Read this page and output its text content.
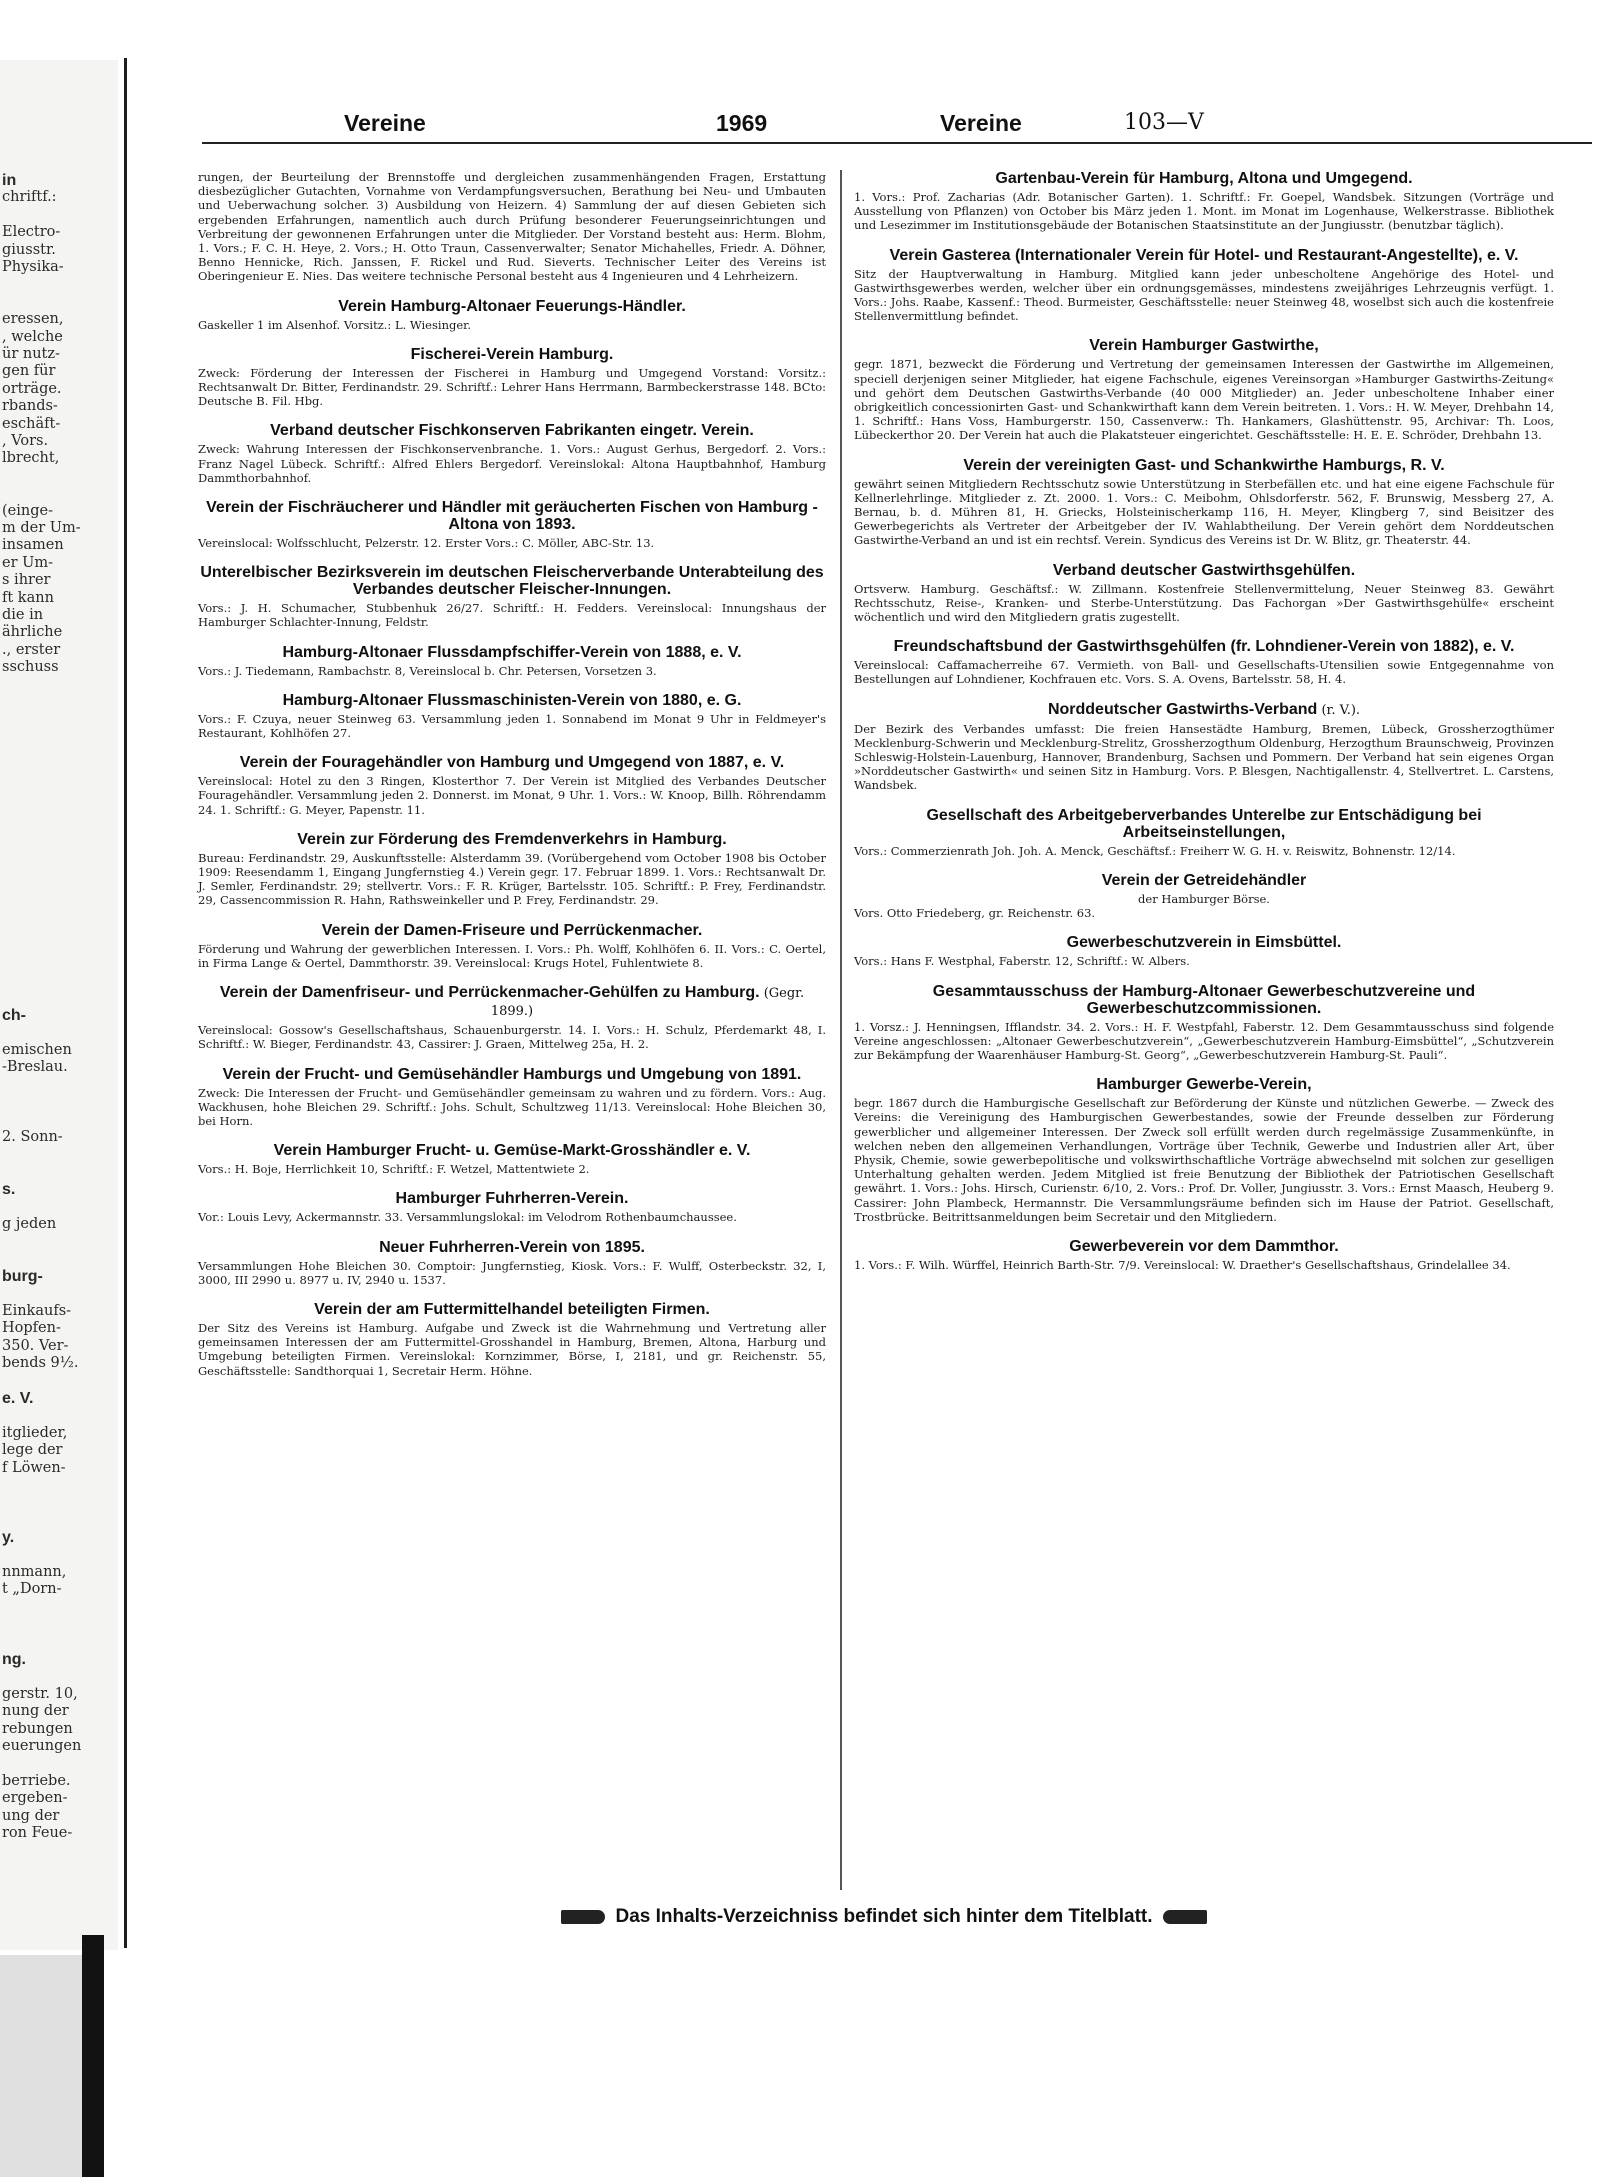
in
chriftf.:
Electro-
giusstr.
Physika-
eressen,
, welche
ür nutz-
gen für
orträge.
rbands-
eschäft-
, Vors.
lbrecht,
(einge-
m der Um-
insamen
er Um-
s ihrer
ft kann
die in
ährliche
., erster
sschuss
ch-
emischen
-Breslau.
2. Sonn-
s.
g jeden
burg-
Einkaufs-
Hopfen-
350. Ver-
bends 9½.
e. V.
itglieder,
lege der
f Löwen-
y.
nnmann,
t „Dorn-
ng.
gerstr. 10,
nung der
rebungen
euerungen
bетriebe.
ergeben-
ung der
ron Feue-
Vereine	1969	Vereine	103—V

rungen, der Beurteilung der Brennstoffe und dergleichen zusammenhängenden Fragen, Erstattung diesbezüglicher Gutachten, Vornahme von Verdampfungsversuchen, Berathung bei Neu- und Umbauten und Ueberwachung solcher. 3) Ausbildung von Heizern. 4) Sammlung der auf diesen Gebieten sich ergebenden Erfahrungen, namentlich auch durch Prüfung besonderer Feuerungseinrichtungen und Verbreitung der gewonnenen Erfahrungen unter die Mitglieder. Der Vorstand besteht aus: Herm. Blohm, 1. Vors.; F. C. H. Heye, 2. Vors.; H. Otto Traun, Cassenverwalter; Senator Michahelles, Friedr. A. Döhner, Benno Hennicke, Rich. Janssen, F. Rickel und Rud. Sieverts. Technischer Leiter des Vereins ist Oberingenieur E. Nies. Das weitere technische Personal besteht aus 4 Ingenieuren und 4 Lehrheizern.

Verein Hamburg-Altonaer Feuerungs-Händler.

Gaskeller 1 im Alsenhof. Vorsitz.: L. Wiesinger.

Fischerei-Verein Hamburg.

Zweck: Förderung der Interessen der Fischerei in Hamburg und Umgegend Vorstand: Vorsitz.: Rechtsanwalt Dr. Bitter, Ferdinandstr. 29. Schriftf.: Lehrer Hans Herrmann, Barmbeckerstrasse 148. BCto: Deutsche B. Fil. Hbg.

Verband deutscher Fischkonserven Fabrikanten eingetr. Verein.

Zweck: Wahrung Interessen der Fischkonservenbranche. 1. Vors.: August Gerhus, Bergedorf. 2. Vors.: Franz Nagel Lübeck. Schriftf.: Alfred Ehlers Bergedorf. Vereinslokal: Altona Hauptbahnhof, Hamburg Dammthorbahnhof.

Verein der Fischräucherer und Händler mit geräucherten Fischen von Hamburg - Altona von 1893.

Vereinslocal: Wolfsschlucht, Pelzerstr. 12. Erster Vors.: C. Möller, ABC-Str. 13.

Unterelbischer Bezirksverein im deutschen Fleischerverbande Unterabteilung des Verbandes deutscher Fleischer-Innungen.

Vors.: J. H. Schumacher, Stubbenhuk 26/27. Schriftf.: H. Fedders. Vereinslocal: Innungshaus der Hamburger Schlachter-Innung, Feldstr.

Hamburg-Altonaer Flussdampfschiffer-Verein von 1888, e. V.

Vors.: J. Tiedemann, Rambachstr. 8, Vereinslocal b. Chr. Petersen, Vorsetzen 3.

Hamburg-Altonaer Flussmaschinisten-Verein von 1880, e. G.

Vors.: F. Czuya, neuer Steinweg 63. Versammlung jeden 1. Sonnabend im Monat 9 Uhr in Feldmeyer's Restaurant, Kohlhöfen 27.

Verein der Fouragehändler von Hamburg und Umgegend von 1887, e. V.

Vereinslocal: Hotel zu den 3 Ringen, Klosterthor 7. Der Verein ist Mitglied des Verbandes Deutscher Fouragehändler. Versammlung jeden 2. Donnerst. im Monat, 9 Uhr. 1. Vors.: W. Knoop, Billh. Röhrendamm 24. 1. Schriftf.: G. Meyer, Papenstr. 11.

Verein zur Förderung des Fremdenverkehrs in Hamburg.

Bureau: Ferdinandstr. 29, Auskunftsstelle: Alsterdamm 39. (Vorübergehend vom October 1908 bis October 1909: Reesendamm 1, Eingang Jungfernstieg 4.) Verein gegr. 17. Februar 1899. 1. Vors.: Rechtsanwalt Dr. J. Semler, Ferdinandstr. 29; stellvertr. Vors.: F. R. Krüger, Bartelsstr. 105. Schriftf.: P. Frey, Ferdinandstr. 29, Cassencommission R. Hahn, Rathsweinkeller und P. Frey, Ferdinandstr. 29.

Verein der Damen-Friseure und Perrückenmacher.

Förderung und Wahrung der gewerblichen Interessen. I. Vors.: Ph. Wolff, Kohlhöfen 6. II. Vors.: C. Oertel, in Firma Lange & Oertel, Dammthorstr. 39. Vereinslocal: Krugs Hotel, Fuhlentwiete 8.

Verein der Damenfriseur- und Perrückenmacher-Gehülfen zu Hamburg. (Gegr. 1899.)

Vereinslocal: Gossow's Gesellschaftshaus, Schauenburgerstr. 14. I. Vors.: H. Schulz, Pferdemarkt 48, I. Schriftf.: W. Bieger, Ferdinandstr. 43, Cassirer: J. Graen, Mittelweg 25a, H. 2.

Verein der Frucht- und Gemüsehändler Hamburgs und Umgebung von 1891.

Zweck: Die Interessen der Frucht- und Gemüsehändler gemeinsam zu wahren und zu fördern. Vors.: Aug. Wackhusen, hohe Bleichen 29. Schriftf.: Johs. Schult, Schultzweg 11/13. Vereinslocal: Hohe Bleichen 30, bei Horn.

Verein Hamburger Frucht- u. Gemüse-Markt-Grosshändler e. V.

Vors.: H. Boje, Herrlichkeit 10, Schriftf.: F. Wetzel, Mattentwiete 2.

Hamburger Fuhrherren-Verein.

Vor.: Louis Levy, Ackermannstr. 33. Versammlungslokal: im Velodrom Rothenbaumchaussee.

Neuer Fuhrherren-Verein von 1895.

Versammlungen Hohe Bleichen 30. Comptoir: Jungfernstieg, Kiosk. Vors.: F. Wulff, Osterbeckstr. 32, I, 3000, III 2990 u. 8977 u. IV, 2940 u. 1537.

Verein der am Futtermittelhandel beteiligten Firmen.

Der Sitz des Vereins ist Hamburg. Aufgabe und Zweck ist die Wahrnehmung und Vertretung aller gemeinsamen Interessen der am Futtermittel-Grosshandel in Hamburg, Bremen, Altona, Harburg und Umgebung beteiligten Firmen. Vereinslokal: Kornzimmer, Börse, I, 2181, und gr. Reichenstr. 55, Geschäftsstelle: Sandthorquai 1, Secretair Herm. Höhne.

Gartenbau-Verein für Hamburg, Altona und Umgegend.

1. Vors.: Prof. Zacharias (Adr. Botanischer Garten). 1. Schriftf.: Fr. Goepel, Wandsbek. Sitzungen (Vorträge und Ausstellung von Pflanzen) von October bis März jeden 1. Mont. im Monat im Logenhause, Welkerstrasse. Bibliothek und Lesezimmer im Institutionsgebäude der Botanischen Staatsinstitute an der Jungiusstr. (benutzbar täglich).

Verein Gasterea (Internationaler Verein für Hotel- und Restaurant-Angestellte), e. V.

Sitz der Hauptverwaltung in Hamburg. Mitglied kann jeder unbescholtene Angehörige des Hotel- und Gastwirthsgewerbes werden, welcher über ein ordnungsgemässes, mindestens zweijähriges Lehrzeugnis verfügt. 1. Vors.: Johs. Raabe, Kassenf.: Theod. Burmeister, Geschäftsstelle: neuer Steinweg 48, woselbst sich auch die kostenfreie Stellenvermittlung befindet.

Verein Hamburger Gastwirthe,

gegr. 1871, bezweckt die Förderung und Vertretung der gemeinsamen Interessen der Gastwirthe im Allgemeinen, speciell derjenigen seiner Mitglieder, hat eigene Fachschule, eigenes Vereinsorgan »Hamburger Gastwirths-Zeitung« und gehört dem Deutschen Gastwirths-Verbande (40 000 Mitglieder) an. Jeder unbescholtene Inhaber einer obrigkeitlich concessionirten Gast- und Schankwirthaft kann dem Verein beitreten. 1. Vors.: H. W. Meyer, Drehbahn 14, 1. Schriftf.: Hans Voss, Hamburgerstr. 150, Cassenverw.: Th. Hankamers, Glashüttenstr. 95, Archivar: Th. Loos, Lübeckerthor 20. Der Verein hat auch die Plakatsteuer eingerichtet. Geschäftsstelle: H. E. E. Schröder, Drehbahn 13.

Verein der vereinigten Gast- und Schankwirthe Hamburgs, R. V.

gewährt seinen Mitgliedern Rechtsschutz sowie Unterstützung in Sterbefällen etc. und hat eine eigene Fachschule für Kellnerlehrlinge. Mitglieder z. Zt. 2000. 1. Vors.: C. Meibohm, Ohlsdorferstr. 562, F. Brunswig, Messberg 27, A. Bernau, b. d. Mühren 81, H. Griecks, Holsteinischerkamp 116, H. Meyer, Klingberg 7, sind Beisitzer des Gewerbegerichts als Vertreter der Arbeitgeber der IV. Wahlabtheilung. Der Verein gehört dem Norddeutschen Gastwirthe-Verband an und ist ein rechtsf. Verein. Syndicus des Vereins ist Dr. W. Blitz, gr. Theaterstr. 44.

Verband deutscher Gastwirthsgehülfen.

Ortsverw. Hamburg. Geschäftsf.: W. Zillmann. Kostenfreie Stellenvermittelung, Neuer Steinweg 83. Gewährt Rechtsschutz, Reise-, Kranken- und Sterbe-Unterstützung. Das Fachorgan »Der Gastwirthsgehülfe« erscheint wöchentlich und wird den Mitgliedern gratis zugestellt.

Freundschaftsbund der Gastwirthsgehülfen (fr. Lohndiener-Verein von 1882), e. V.

Vereinslocal: Caffamacherreihe 67. Vermieth. von Ball- und Gesellschafts-Utensilien sowie Entgegennahme von Bestellungen auf Lohndiener, Kochfrauen etc. Vors. S. A. Ovens, Bartelsstr. 58, H. 4.

Norddeutscher Gastwirths-Verband (r. V.).

Der Bezirk des Verbandes umfasst: Die freien Hansestädte Hamburg, Bremen, Lübeck, Grossherzogthümer Mecklenburg-Schwerin und Mecklenburg-Strelitz, Grossherzogthum Oldenburg, Herzogthum Braunschweig, Provinzen Schleswig-Holstein-Lauenburg, Hannover, Brandenburg, Sachsen und Pommern. Der Verband hat sein eigenes Organ »Norddeutscher Gastwirth« und seinen Sitz in Hamburg. Vors. P. Blesgen, Nachtigallenstr. 4, Stellvertret. L. Carstens, Wandsbek.

Gesellschaft des Arbeitgeberverbandes Unterelbe zur Entschädigung bei Arbeitseinstellungen,

Vors.: Commerzienrath Joh. Joh. A. Menck, Geschäftsf.: Freiherr W. G. H. v. Reiswitz, Bohnenstr. 12/14.

Verein der Getreidehändler
der Hamburger Börse.

Vors. Otto Friedeberg, gr. Reichenstr. 63.

Gewerbeschutzverein in Eimsbüttel.

Vors.: Hans F. Westphal, Faberstr. 12, Schriftf.: W. Albers.

Gesammtausschuss der Hamburg-Altonaer Gewerbeschutzvereine und Gewerbeschutzcommissionen.

1. Vorsz.: J. Henningsen, Ifflandstr. 34. 2. Vors.: H. F. Westpfahl, Faberstr. 12. Dem Gesammtausschuss sind folgende Vereine angeschlossen: „Altonaer Gewerbeschutzverein“, „Gewerbeschutzverein Hamburg-Eimsbüttel“, „Schutzverein zur Bekämpfung der Waarenhäuser Hamburg-St. Georg“, „Gewerbeschutzverein Hamburg-St. Pauli“.

Hamburger Gewerbe-Verein,

begr. 1867 durch die Hamburgische Gesellschaft zur Beförderung der Künste und nützlichen Gewerbe. — Zweck des Vereins: die Vereinigung des Hamburgischen Gewerbestandes, sowie der Freunde desselben zur Förderung gewerblicher und allgemeiner Interessen. Der Zweck soll erfüllt werden durch regelmässige Zusammenkünfte, in welchen neben den allgemeinen Verhandlungen, Vorträge über Technik, Gewerbe und Industrien aller Art, über Physik, Chemie, sowie gewerbepolitische und volkswirthschaftliche Vorträge abwechselnd mit solchen zur geselligen Unterhaltung gehalten werden. Jedem Mitglied ist freie Benutzung der Bibliothek der Patriotischen Gesellschaft gewährt. 1. Vors.: Johs. Hirsch, Curienstr. 6/10, 2. Vors.: Prof. Dr. Voller, Jungiusstr. 3. Vors.: Ernst Maasch, Heuberg 9. Cassirer: John Plambeck, Hermannstr. Die Versammlungsräume befinden sich im Hause der Patriot. Gesellschaft, Trostbrücke. Beitrittsanmeldungen beim Secretair und den Mitgliedern.

Gewerbeverein vor dem Dammthor.

1. Vors.: F. Wilh. Würffel, Heinrich Barth-Str. 7/9. Vereinslocal: W. Draether's Gesellschaftshaus, Grindelallee 34.

Das Inhalts-Verzeichniss befindet sich hinter dem Titelblatt.
